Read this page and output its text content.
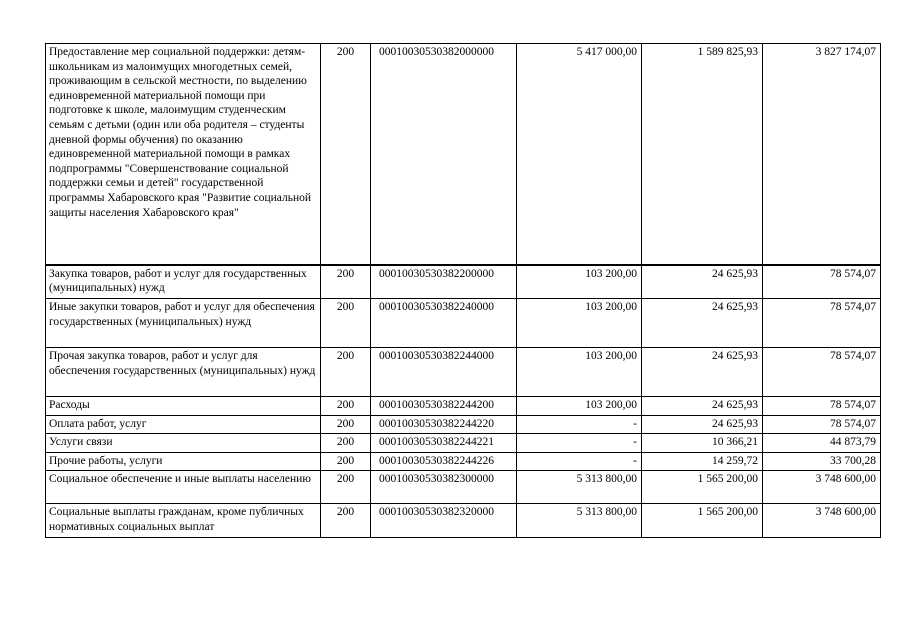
Предоставление мер социальной поддержки: детям-школьникам из малоимущих многодетных семей, проживающим в сельской местности, по выделению единовременной материальной помощи при подготовке к школе, малоимущим студенческим семьям с детьми (один или оба родителя – студенты дневной формы обучения) по оказанию единовременной материальной помощи в рамках подпрограммы "Совершенствование социальной поддержки семьи и детей" государственной программы Хабаровского края "Развитие социальной защиты населения Хабаровского края"	200	00010030530382000000	5 417 000,00	1 589 825,93	3 827 174,07
Закупка товаров, работ и услуг для государственных (муниципальных) нужд	200	00010030530382200000	103 200,00	24 625,93	78 574,07
Иные закупки товаров, работ и услуг для обеспечения государственных (муниципальных) нужд	200	00010030530382240000	103 200,00	24 625,93	78 574,07
Прочая закупка товаров, работ и услуг для обеспечения государственных (муниципальных) нужд	200	00010030530382244000	103 200,00	24 625,93	78 574,07
Расходы	200	00010030530382244200	103 200,00	24 625,93	78 574,07
Оплата работ, услуг	200	00010030530382244220	-	24 625,93	78 574,07
Услуги связи	200	00010030530382244221	-	10 366,21	44 873,79
Прочие работы, услуги	200	00010030530382244226	-	14 259,72	33 700,28
Социальное обеспечение и иные выплаты населению	200	00010030530382300000	5 313 800,00	1 565 200,00	3 748 600,00
Социальные выплаты гражданам, кроме публичных нормативных социальных выплат	200	00010030530382320000	5 313 800,00	1 565 200,00	3 748 600,00
